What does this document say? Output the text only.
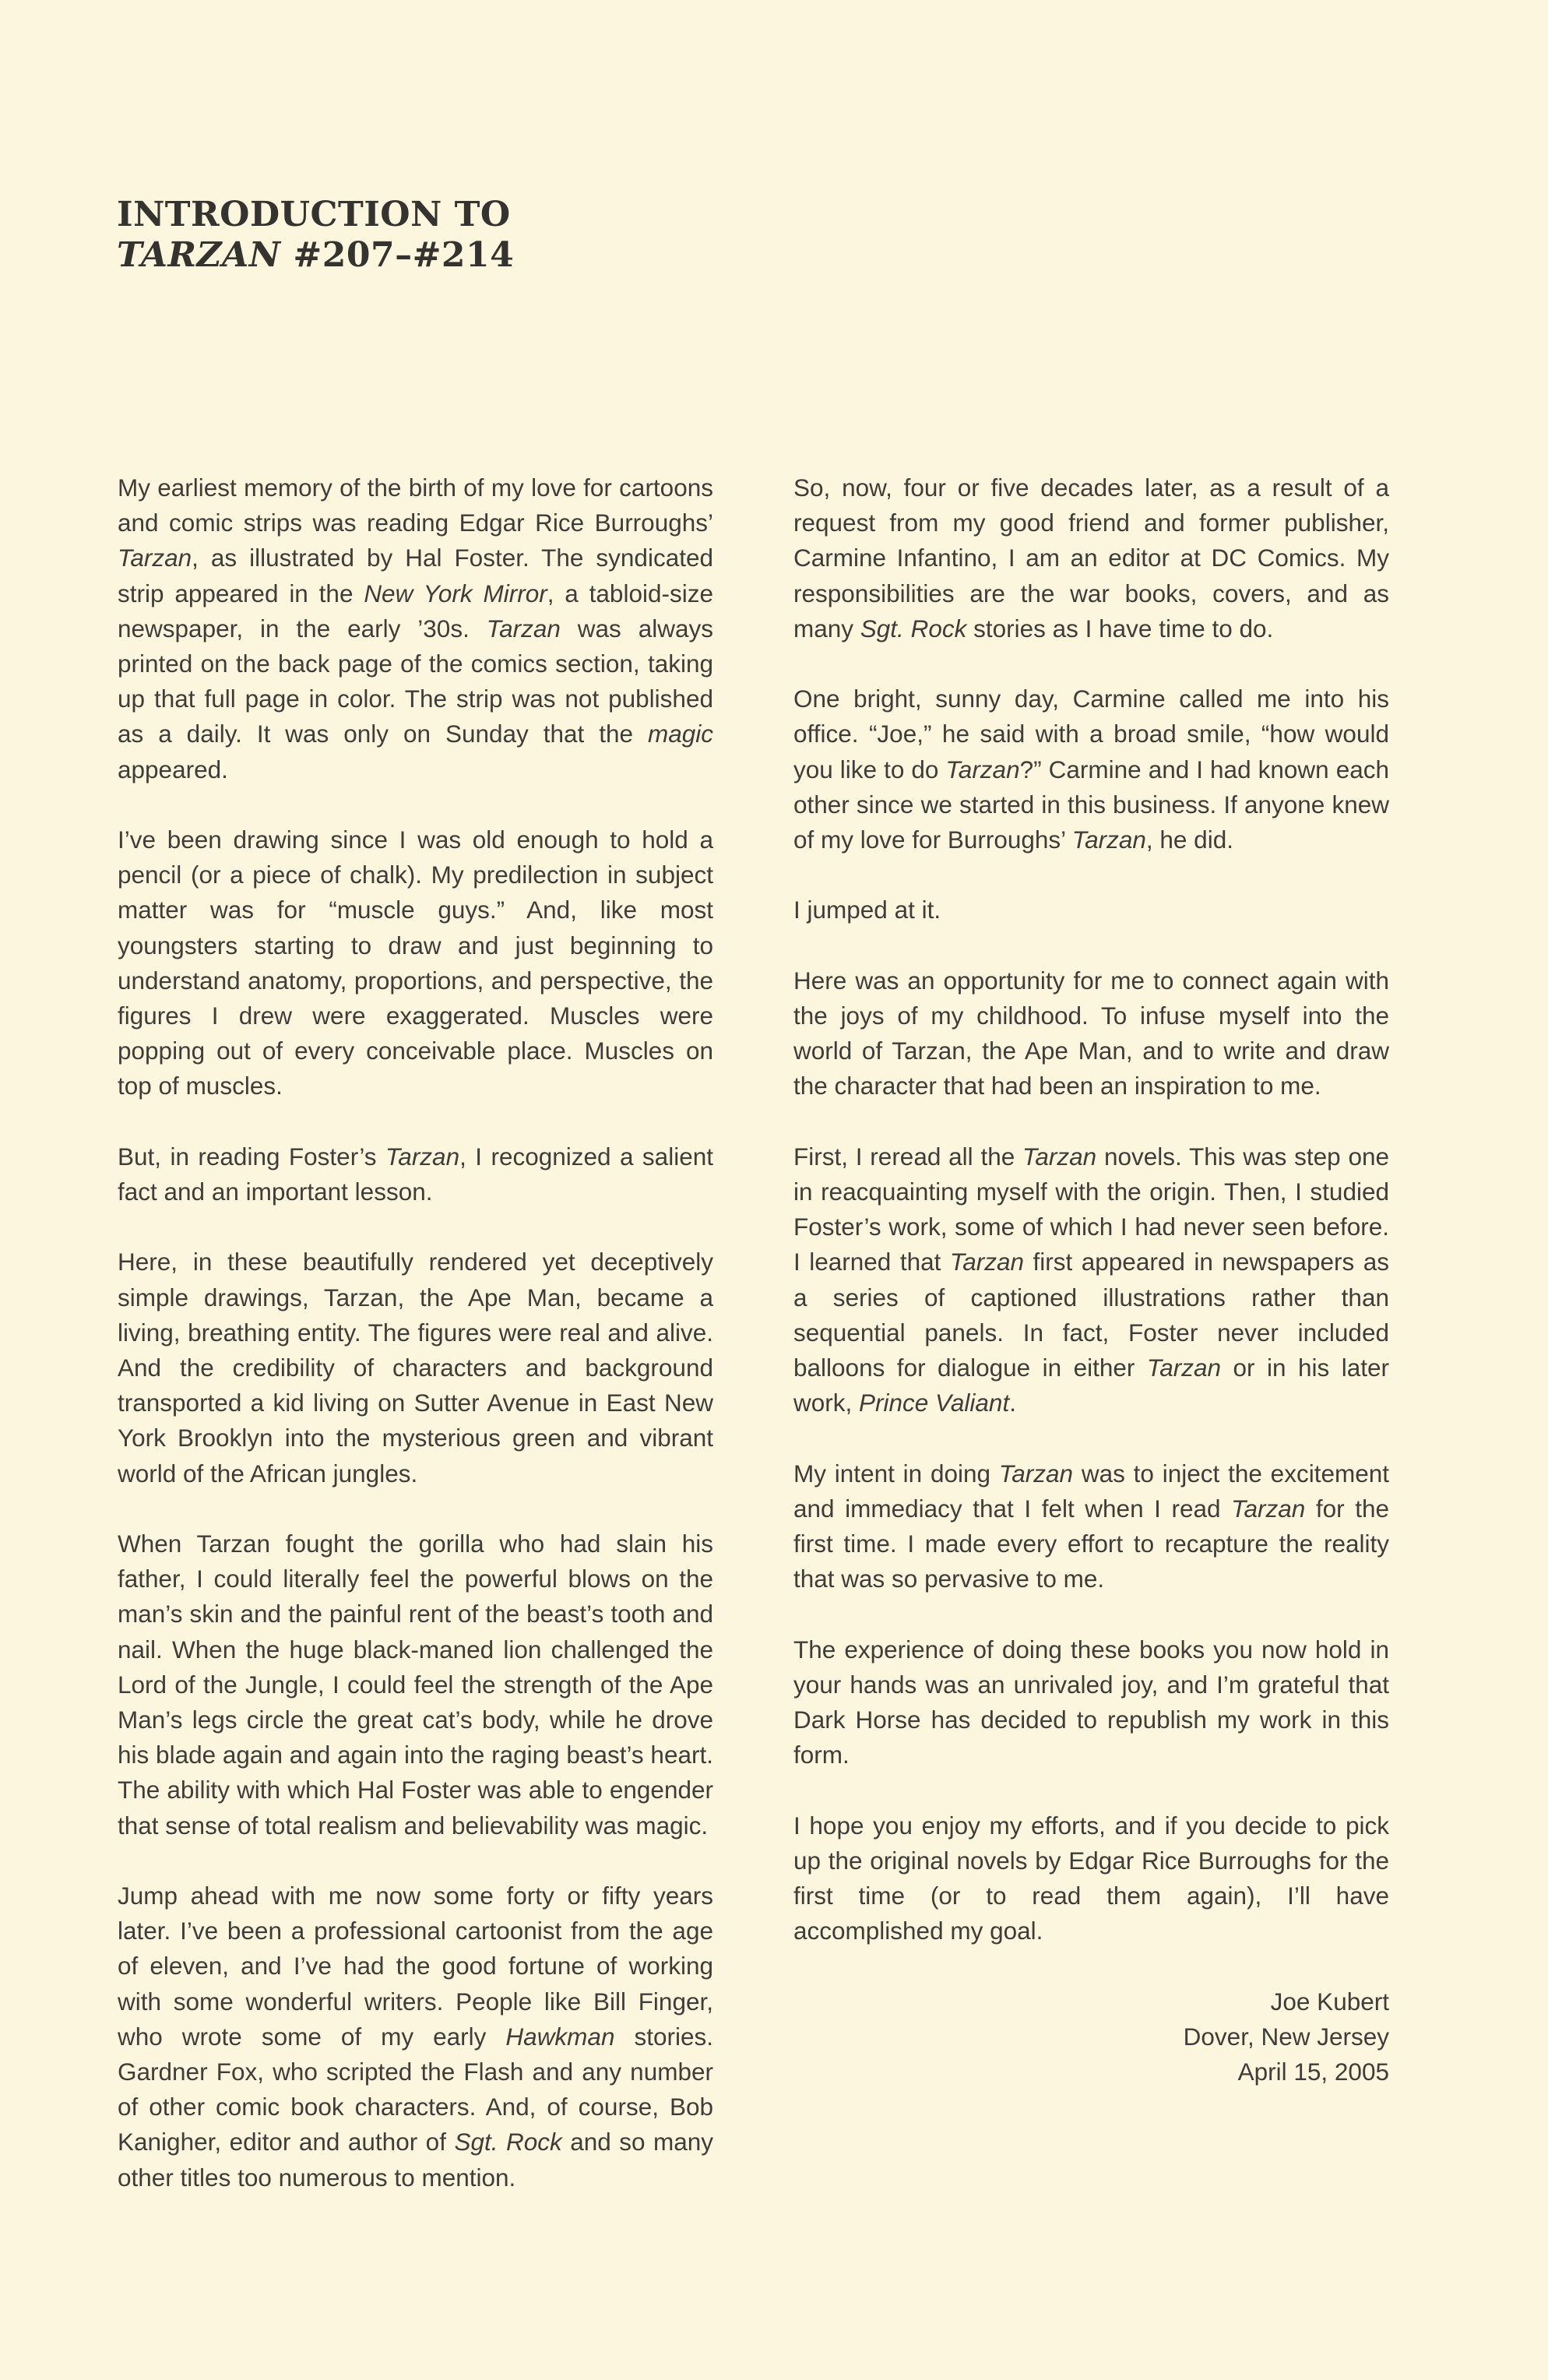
INTRODUCTION TO
TARZAN #207–#214

My earliest memory of the birth of my love for cartoons and comic strips was reading Edgar Rice Burroughs’ Tarzan, as illustrated by Hal Foster. The syndicated strip appeared in the New York Mirror, a tabloid-size newspaper, in the early ’30s. Tarzan was always printed on the back page of the comics section, taking up that full page in color. The strip was not published as a daily. It was only on Sunday that the magic appeared.

I’ve been drawing since I was old enough to hold a pencil (or a piece of chalk). My predilection in subject matter was for “muscle guys.” And, like most youngsters starting to draw and just beginning to understand anatomy, proportions, and perspective, the figures I drew were exaggerated. Muscles were popping out of every conceivable place. Muscles on top of muscles.

But, in reading Foster’s Tarzan, I recognized a salient fact and an important lesson.

Here, in these beautifully rendered yet deceptively simple drawings, Tarzan, the Ape Man, became a living, breathing entity. The figures were real and alive. And the credibility of characters and background transported a kid living on Sutter Avenue in East New York Brooklyn into the mysterious green and vibrant world of the African jungles.

When Tarzan fought the gorilla who had slain his father, I could literally feel the powerful blows on the man’s skin and the painful rent of the beast’s tooth and nail. When the huge black-maned lion challenged the Lord of the Jungle, I could feel the strength of the Ape Man’s legs circle the great cat’s body, while he drove his blade again and again into the raging beast’s heart. The ability with which Hal Foster was able to engender that sense of total realism and believability was magic.

Jump ahead with me now some forty or fifty years later. I’ve been a professional cartoonist from the age of eleven, and I’ve had the good fortune of working with some wonderful writers. People like Bill Finger, who wrote some of my early Hawkman stories. Gardner Fox, who scripted the Flash and any number of other comic book characters. And, of course, Bob Kanigher, editor and author of Sgt. Rock and so many other titles too numerous to mention.

So, now, four or five decades later, as a result of a request from my good friend and former publisher, Carmine Infantino, I am an editor at DC Comics. My responsibilities are the war books, covers, and as many Sgt. Rock stories as I have time to do.

One bright, sunny day, Carmine called me into his office. “Joe,” he said with a broad smile, “how would you like to do Tarzan?” Carmine and I had known each other since we started in this business. If anyone knew of my love for Burroughs’ Tarzan, he did.

I jumped at it.

Here was an opportunity for me to connect again with the joys of my childhood. To infuse myself into the world of Tarzan, the Ape Man, and to write and draw the character that had been an inspiration to me.

First, I reread all the Tarzan novels. This was step one in reacquainting myself with the origin. Then, I studied Foster’s work, some of which I had never seen before. I learned that Tarzan first appeared in newspapers as a series of captioned illustrations rather than sequential panels. In fact, Foster never included balloons for dialogue in either Tarzan or in his later work, Prince Valiant.

My intent in doing Tarzan was to inject the excitement and immediacy that I felt when I read Tarzan for the first time. I made every effort to recapture the reality that was so pervasive to me.

The experience of doing these books you now hold in your hands was an unrivaled joy, and I’m grateful that Dark Horse has decided to republish my work in this form.

I hope you enjoy my efforts, and if you decide to pick up the original novels by Edgar Rice Burroughs for the first time (or to read them again), I’ll have accomplished my goal.

Joe Kubert
Dover, New Jersey
April 15, 2005
